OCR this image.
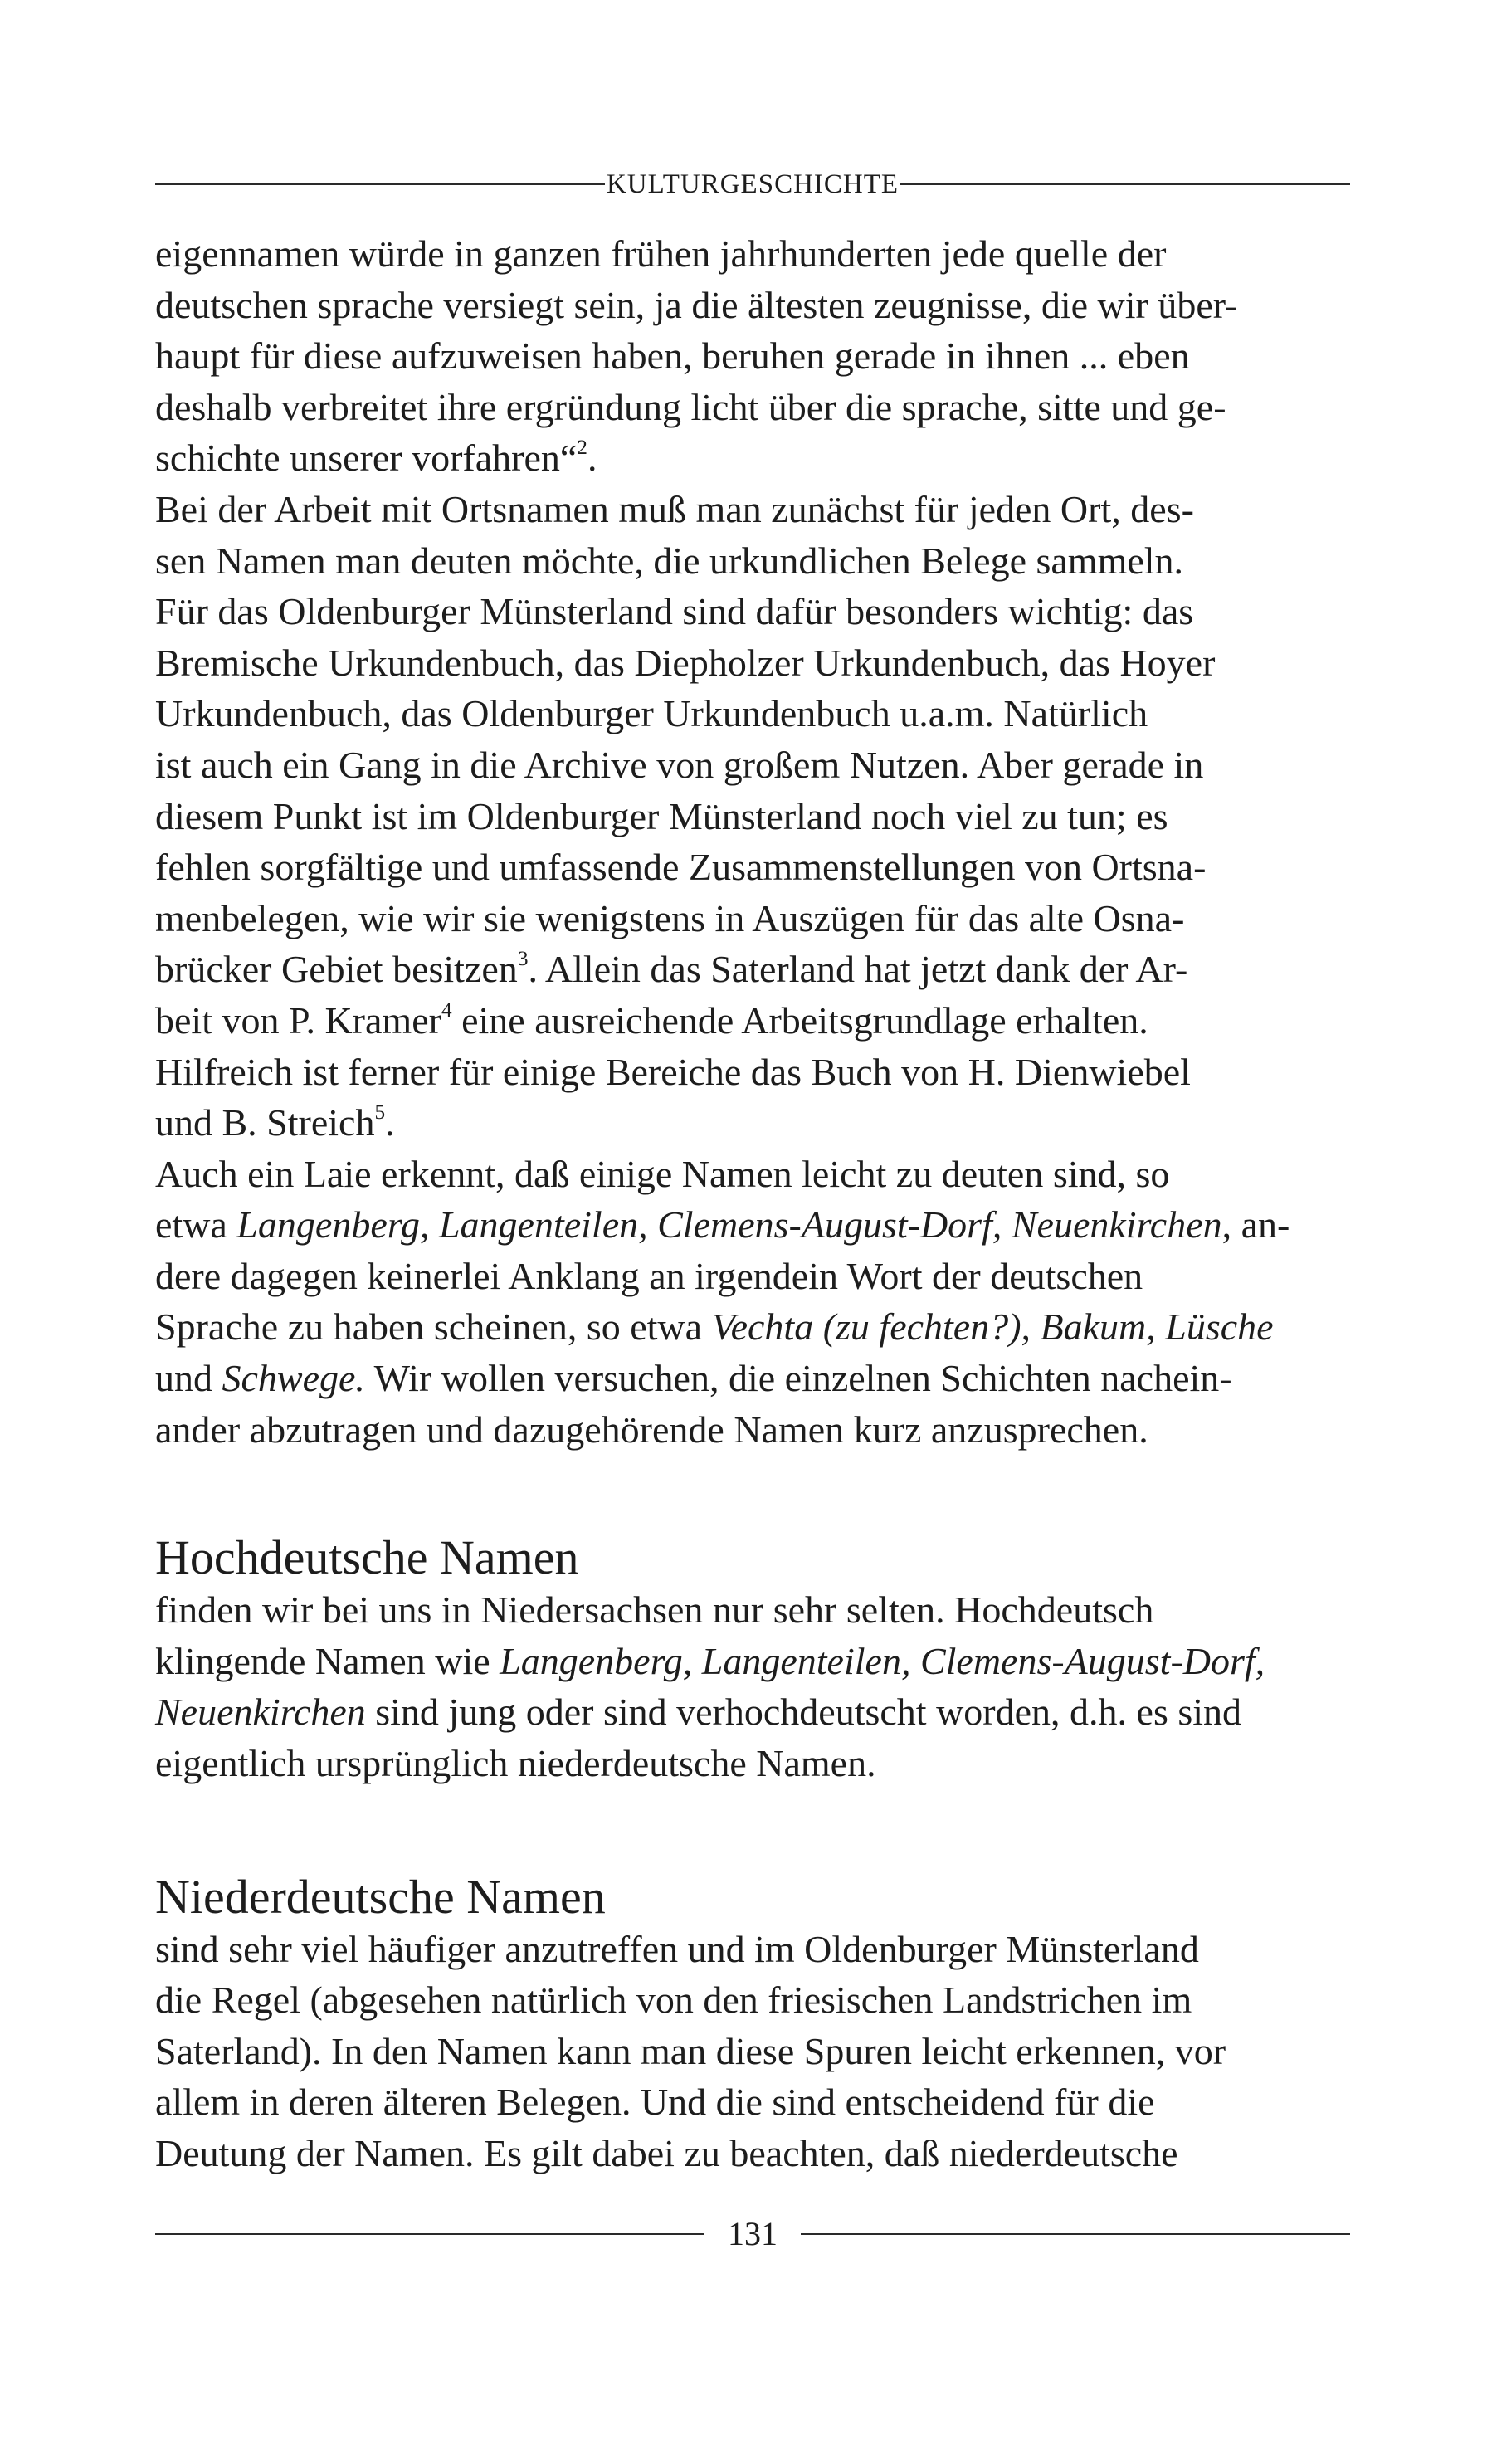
KULTURGESCHICHTE

eigennamen würde in ganzen frühen jahrhunderten jede quelle der
deutschen sprache versiegt sein, ja die ältesten zeugnisse, die wir über-
haupt für diese aufzuweisen haben, beruhen gerade in ihnen ... eben
deshalb verbreitet ihre ergründung licht über die sprache, sitte und ge-
schichte unserer vorfahren“$^2$.

Bei der Arbeit mit Ortsnamen muß man zunächst für jeden Ort, des-
sen Namen man deuten möchte, die urkundlichen Belege sammeln.
Für das Oldenburger Münsterland sind dafür besonders wichtig: das
Bremische Urkundenbuch, das Diepholzer Urkundenbuch, das Hoyer
Urkundenbuch, das Oldenburger Urkundenbuch u.a.m. Natürlich
ist auch ein Gang in die Archive von großem Nutzen. Aber gerade in
diesem Punkt ist im Oldenburger Münsterland noch viel zu tun; es
fehlen sorgfältige und umfassende Zusammenstellungen von Ortsna-
menbelegen, wie wir sie wenigstens in Auszügen für das alte Osna-
brücker Gebiet besitzen$^3$. Allein das Saterland hat jetzt dank der Ar-
beit von P. Kramer$^4$ eine ausreichende Arbeitsgrundlage erhalten.
Hilfreich ist ferner für einige Bereiche das Buch von H. Dienwiebel
und B. Streich$^5$.

Auch ein Laie erkennt, daß einige Namen leicht zu deuten sind, so
etwa Langenberg, Langenteilen, Clemens-August-Dorf, Neuenkirchen, an-
dere dagegen keinerlei Anklang an irgendein Wort der deutschen
Sprache zu haben scheinen, so etwa Vechta (zu fechten?), Bakum, Lüsche
und Schwege. Wir wollen versuchen, die einzelnen Schichten nachein-
ander abzutragen und dazugehörende Namen kurz anzusprechen.

Hochdeutsche Namen

finden wir bei uns in Niedersachsen nur sehr selten. Hochdeutsch
klingende Namen wie Langenberg, Langenteilen, Clemens-August-Dorf,
Neuenkirchen sind jung oder sind verhochdeutscht worden, d.h. es sind
eigentlich ursprünglich niederdeutsche Namen.

Niederdeutsche Namen

sind sehr viel häufiger anzutreffen und im Oldenburger Münsterland
die Regel (abgesehen natürlich von den friesischen Landstrichen im
Saterland). In den Namen kann man diese Spuren leicht erkennen, vor
allem in deren älteren Belegen. Und die sind entscheidend für die
Deutung der Namen. Es gilt dabei zu beachten, daß niederdeutsche

131
